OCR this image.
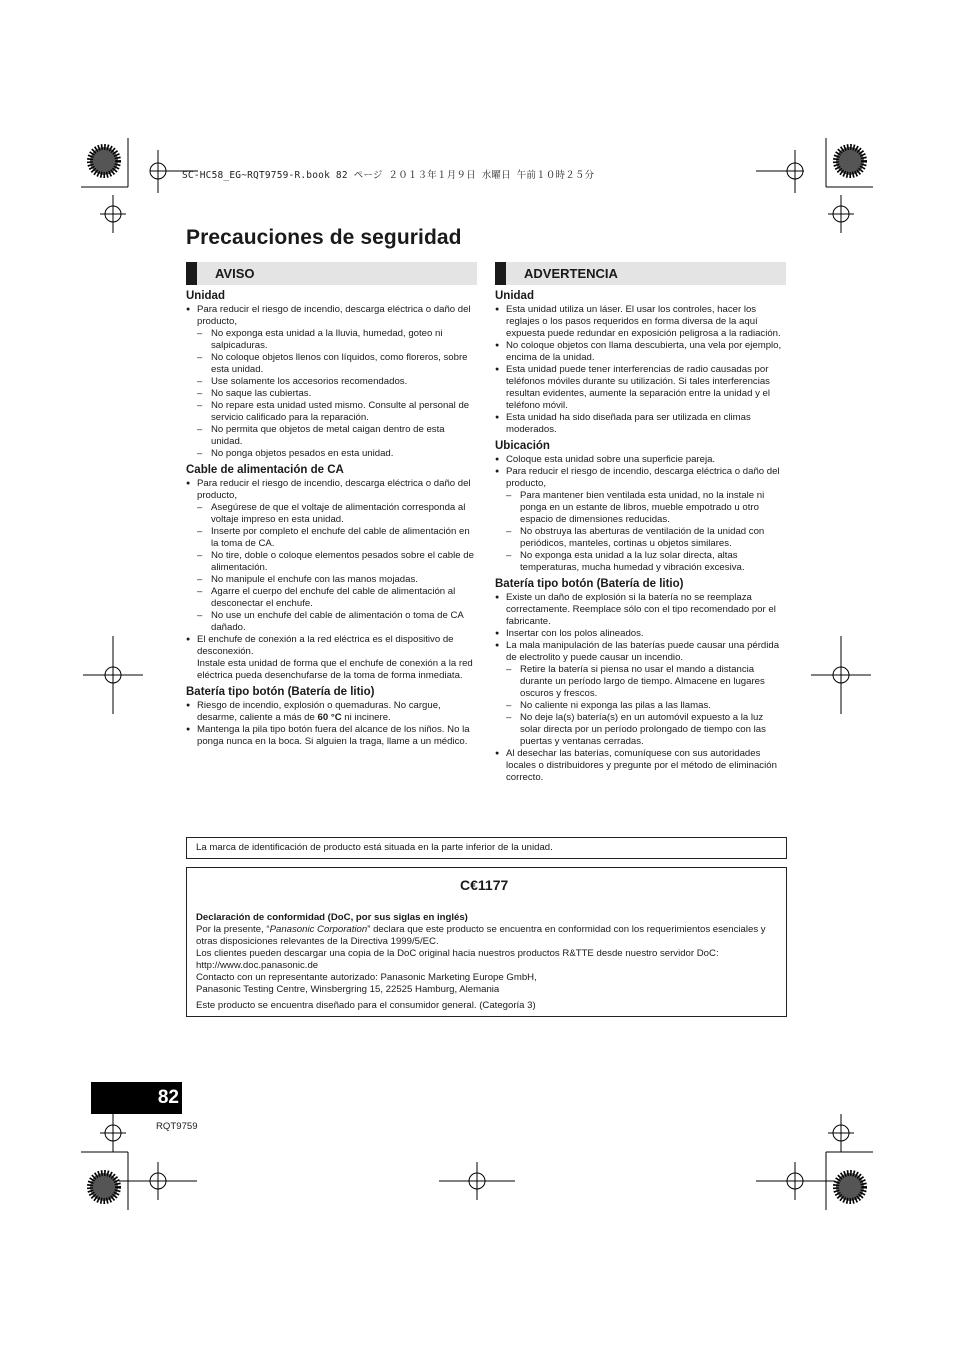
SC-HC58_EG~RQT9759-R.book 82 ページ ２０１３年１月９日 水曜日 午前１０時２５分
Precauciones de seguridad
AVISO
Unidad
● Para reducir el riesgo de incendio, descarga eléctrica o daño del producto,
– No exponga esta unidad a la lluvia, humedad, goteo ni salpicaduras.
– No coloque objetos llenos con líquidos, como floreros, sobre esta unidad.
– Use solamente los accesorios recomendados.
– No saque las cubiertas.
– No repare esta unidad usted mismo. Consulte al personal de servicio calificado para la reparación.
– No permita que objetos de metal caigan dentro de esta unidad.
– No ponga objetos pesados en esta unidad.
Cable de alimentación de CA
● Para reducir el riesgo de incendio, descarga eléctrica o daño del producto,
– Asegúrese de que el voltaje de alimentación corresponda al voltaje impreso en esta unidad.
– Inserte por completo el enchufe del cable de alimentación en la toma de CA.
– No tire, doble o coloque elementos pesados sobre el cable de alimentación.
– No manipule el enchufe con las manos mojadas.
– Agarre el cuerpo del enchufe del cable de alimentación al desconectar el enchufe.
– No use un enchufe del cable de alimentación o toma de CA dañado.
● El enchufe de conexión a la red eléctrica es el dispositivo de desconexión.
Instale esta unidad de forma que el enchufe de conexión a la red eléctrica pueda desenchufarse de la toma de forma inmediata.
Batería tipo botón (Batería de litio)
● Riesgo de incendio, explosión o quemaduras. No cargue, desarme, caliente a más de 60 °C ni incinere.
● Mantenga la pila tipo botón fuera del alcance de los niños. No la ponga nunca en la boca. Si alguien la traga, llame a un médico.
ADVERTENCIA
Unidad
● Esta unidad utiliza un láser. El usar los controles, hacer los reglajes o los pasos requeridos en forma diversa de la aquí expuesta puede redundar en exposición peligrosa a la radiación.
● No coloque objetos con llama descubierta, una vela por ejemplo, encima de la unidad.
● Esta unidad puede tener interferencias de radio causadas por teléfonos móviles durante su utilización. Si tales interferencias resultan evidentes, aumente la separación entre la unidad y el teléfono móvil.
● Esta unidad ha sido diseñada para ser utilizada en climas moderados.
Ubicación
● Coloque esta unidad sobre una superficie pareja.
● Para reducir el riesgo de incendio, descarga eléctrica o daño del producto,
– Para mantener bien ventilada esta unidad, no la instale ni ponga en un estante de libros, mueble empotrado u otro espacio de dimensiones reducidas.
– No obstruya las aberturas de ventilación de la unidad con periódicos, manteles, cortinas u objetos similares.
– No exponga esta unidad a la luz solar directa, altas temperaturas, mucha humedad y vibración excesiva.
Batería tipo botón (Batería de litio)
● Existe un daño de explosión si la batería no se reemplaza correctamente. Reemplace sólo con el tipo recomendado por el fabricante.
● Insertar con los polos alineados.
● La mala manipulación de las baterías puede causar una pérdida de electrolito y puede causar un incendio.
– Retire la batería si piensa no usar el mando a distancia durante un período largo de tiempo. Almacene en lugares oscuros y frescos.
– No caliente ni exponga las pilas a las llamas.
– No deje la(s) batería(s) en un automóvil expuesto a la luz solar directa por un período prolongado de tiempo con las puertas y ventanas cerradas.
● Al desechar las baterías, comuníquese con sus autoridades locales o distribuidores y pregunte por el método de eliminación correcto.
La marca de identificación de producto está situada en la parte inferior de la unidad.
C€1177

Declaración de conformidad (DoC, por sus siglas en inglés)

Por la presente, “Panasonic Corporation” declara que este producto se encuentra en conformidad con los requerimientos esenciales y otras disposiciones relevantes de la Directiva 1999/5/EC.

Los clientes pueden descargar una copia de la DoC original hacia nuestros productos R&TTE desde nuestro servidor DoC: http://www.doc.panasonic.de

Contacto con un representante autorizado: Panasonic Marketing Europe GmbH,

Panasonic Testing Centre, Winsbergring 15, 22525 Hamburg, Alemania

Este producto se encuentra diseñado para el consumidor general. (Categoría 3)

82
RQT9759
